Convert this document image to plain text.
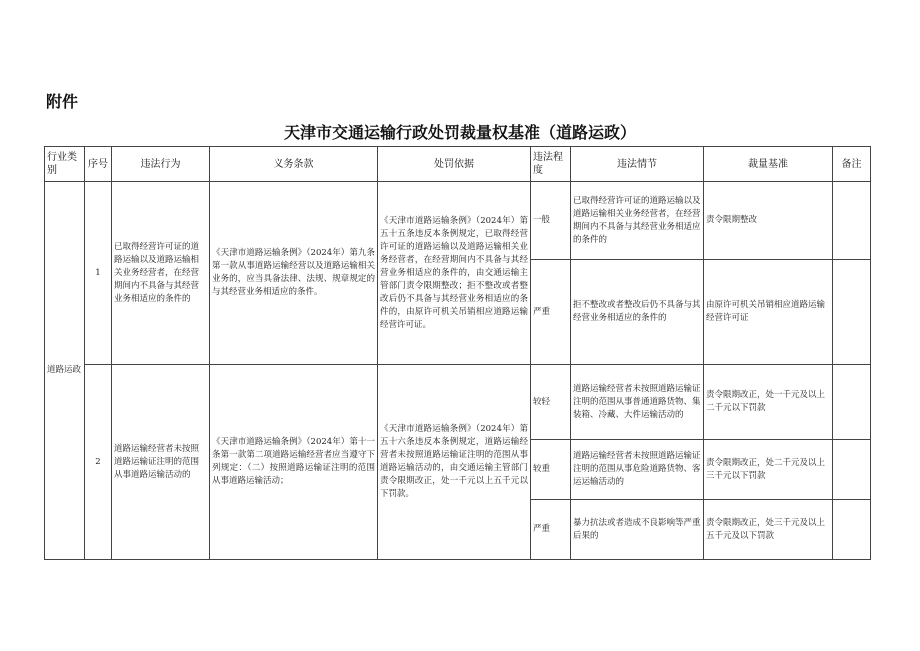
附件
天津市交通运输行政处罚裁量权基准（道路运政）
行业类别	序号	违法行为	义务条款	处罚依据	违法程度	违法情节	裁量基准	备注
道路运政	1	已取得经营许可证的道路运输以及道路运输相关业务经营者，在经营期间内不具备与其经营业务相适应的条件的	《天津市道路运输条例》（2024年）第九条第一款从事道路运输经营以及道路运输相关业务的，应当具备法律、法规、规章规定的与其经营业务相适应的条件。	《天津市道路运输条例》（2024年）第五十五条违反本条例规定，已取得经营许可证的道路运输以及道路运输相关业务经营者，在经营期间内不具备与其经营业务相适应的条件的，由交通运输主管部门责令限期整改；拒不整改或者整改后仍不具备与其经营业务相适应的条件的，由原许可机关吊销相应道路运输经营许可证。	一般	已取得经营许可证的道路运输以及道路运输相关业务经营者，在经营期间内不具备与其经营业务相适应的条件的	责令限期整改	
					严重	拒不整改或者整改后仍不具备与其经营业务相适应的条件的	由原许可机关吊销相应道路运输经营许可证	
	2	道路运输经营者未按照道路运输证注明的范围从事道路运输活动的	《天津市道路运输条例》（2024年）第十一条第一款第二项道路运输经营者应当遵守下列规定：（二）按照道路运输证注明的范围从事道路运输活动；	《天津市道路运输条例》（2024年）第五十六条违反本条例规定，道路运输经营者未按照道路运输证注明的范围从事道路运输活动的，由交通运输主管部门责令限期改正，处一千元以上五千元以下罚款。	较轻	道路运输经营者未按照道路运输证注明的范围从事普通道路货物、集装箱、冷藏、大件运输活动的	责令限期改正，处一千元及以上二千元以下罚款	
					较重	道路运输经营者未按照道路运输证注明的范围从事危险道路货物、客运运输活动的	责令限期改正，处二千元及以上三千元以下罚款	
					严重	暴力抗法或者造成不良影响等严重后果的	责令限期改正，处三千元及以上五千元及以下罚款	
